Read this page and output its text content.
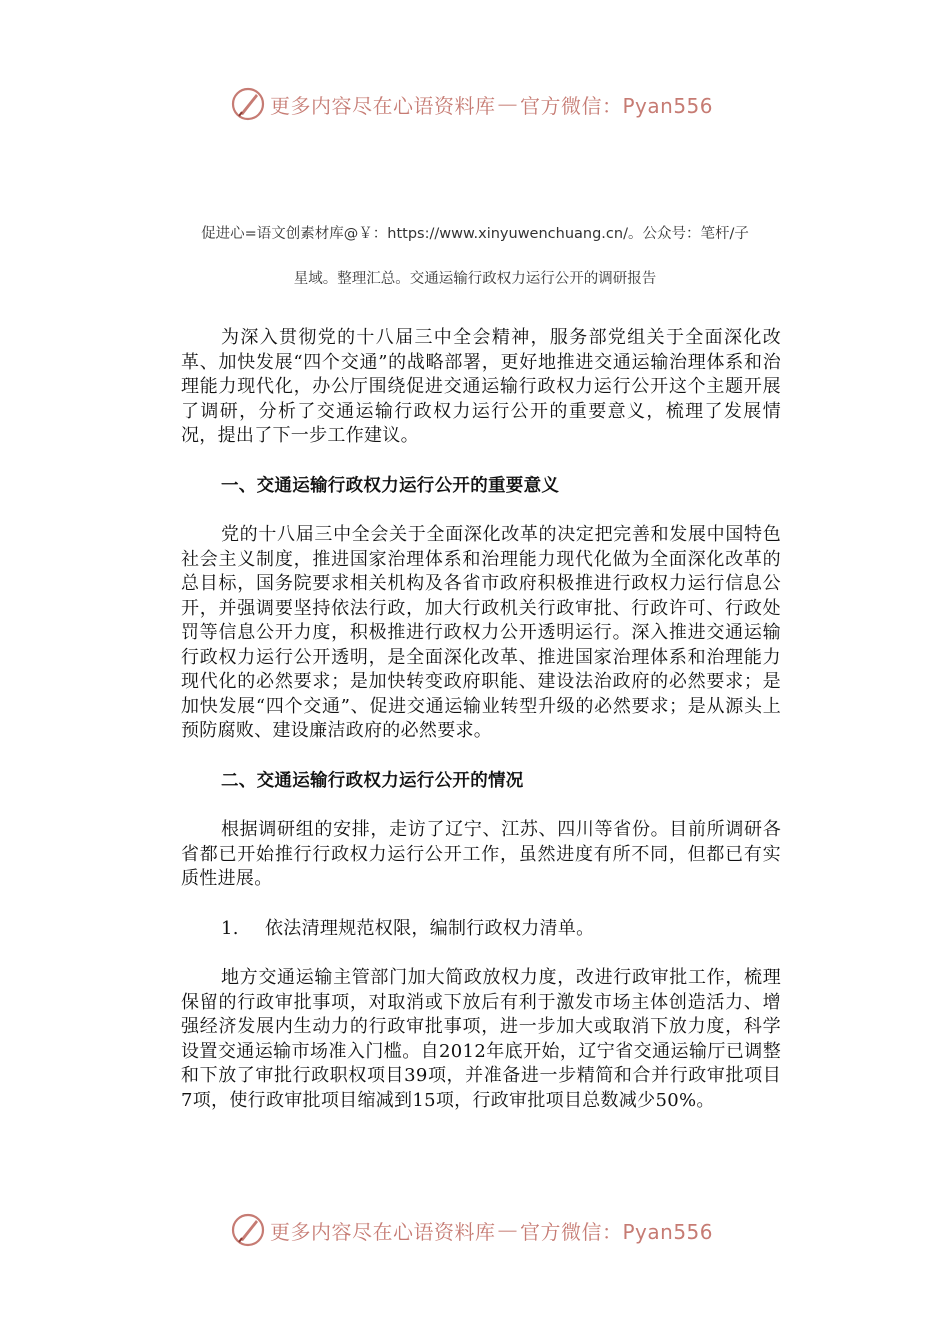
更多内容尽在心语资料库 — 官方微信：Pyan556
促进心=语文创素材库@￥：https://www.xinyuwenchuang.cn/。公众号：笔杆/子
星域。整理汇总。交通运输行政权力运行公开的调研报告

为深入贯彻党的十八届三中全会精神，服务部党组关于全面深化改革、加快发展“四个交通”的战略部署，更好地推进交通运输治理体系和治理能力现代化，办公厅围绕促进交通运输行政权力运行公开这个主题开展了调研，分析了交通运输行政权力运行公开的重要意义，梳理了发展情况，提出了下一步工作建议。

一、交通运输行政权力运行公开的重要意义

党的十八届三中全会关于全面深化改革的决定把完善和发展中国特色社会主义制度，推进国家治理体系和治理能力现代化做为全面深化改革的总目标，国务院要求相关机构及各省市政府积极推进行政权力运行信息公开，并强调要坚持依法行政，加大行政机关行政审批、行政许可、行政处罚等信息公开力度，积极推进行政权力公开透明运行。深入推进交通运输行政权力运行公开透明，是全面深化改革、推进国家治理体系和治理能力现代化的必然要求；是加快转变政府职能、建设法治政府的必然要求；是加快发展“四个交通”、促进交通运输业转型升级的必然要求；是从源头上预防腐败、建设廉洁政府的必然要求。

二、交通运输行政权力运行公开的情况

根据调研组的安排，走访了辽宁、江苏、四川等省份。目前所调研各省都已开始推行行政权力运行公开工作，虽然进度有所不同，但都已有实质性进展。

1. 依法清理规范权限，编制行政权力清单。

地方交通运输主管部门加大简政放权力度，改进行政审批工作，梳理保留的行政审批事项，对取消或下放后有利于激发市场主体创造活力、增强经济发展内生动力的行政审批事项，进一步加大或取消下放力度，科学设置交通运输市场准入门槛。自2012年底开始，辽宁省交通运输厅已调整和下放了审批行政职权项目39项，并准备进一步精简和合并行政审批项目7项，使行政审批项目缩减到15项，行政审批项目总数减少50%。

更多内容尽在心语资料库 — 官方微信：Pyan556
